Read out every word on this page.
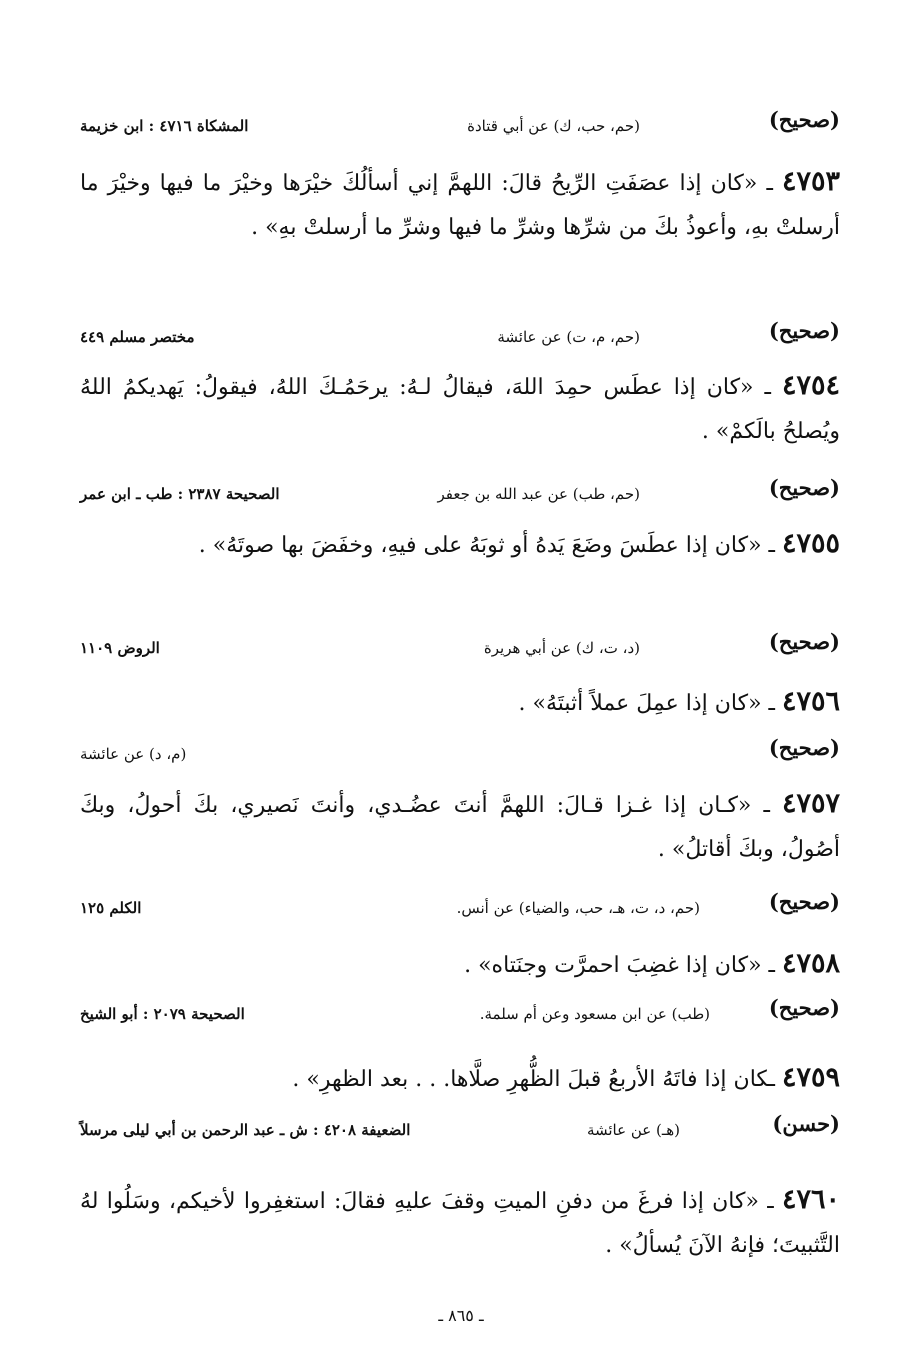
(صحيح)
(حم، حب، ك) عن أبي قتادة
المشكاة ٤٧١٦ : ابن خزيمة
٤٧٥٣ ـ «كان إذا عصَفَتِ الرِّيحُ قالَ: اللهمَّ إني أسألُكَ خيْرَها وخيْرَ ما فيها وخيْرَ ما أرسلتْ بهِ، وأعوذُ بكَ من شرِّها وشرِّ ما فيها وشرِّ ما أرسلتْ بهِ» .
(صحيح)
(حم، م، ت) عن عائشة
مختصر مسلم ٤٤٩
٤٧٥٤ ـ «كان إذا عطَس حمِدَ اللهَ، فيقالُ لـهُ: يرحَمُـكَ اللهُ، فيقولُ: يَهديكمُ اللهُ ويُصلحُ بالَكمْ» .
(صحيح)
(حم، طب) عن عبد الله بن جعفر
الصحيحة ٢٣٨٧ : طب ـ ابن عمر
٤٧٥٥ ـ «كان إذا عطَسَ وضَعَ يَدهُ أو ثوبَهُ على فيهِ، وخفَضَ بها صوتَهُ» .
(صحيح)
(د، ت، ك) عن أبي هريرة
الروض ١١٠٩
٤٧٥٦ ـ «كان إذا عمِلَ عملاً أثبتَهُ» .
(صحيح)
(م، د) عن عائشة
٤٧٥٧ ـ «كـان إذا غـزا قـالَ: اللهمَّ أنتَ عضُـدي، وأنتَ نَصيري، بكَ أحولُ، وبكَ أصُولُ، وبكَ أقاتلُ» .
(صحيح)
(حم، د، ت، هـ، حب، والضياء) عن أنس.
الكلم ١٢٥
٤٧٥٨ ـ «كان إذا غضِبَ احمرَّت وجنَتاه» .
(صحيح)
(طب) عن ابن مسعود وعن أم سلمة.
الصحيحة ٢٠٧٩ : أبو الشيخ
٤٧٥٩ ـكان إذا فاتَهُ الأربعُ قبلَ الظُّهرِ صلَّاها. . . بعد الظهرِ» .
(حسن)
(هـ) عن عائشة
الضعيفة ٤٢٠٨ : ش ـ عبد الرحمن بن أبي ليلى مرسلاً
٤٧٦٠ ـ «كان إذا فرغَ من دفنِ الميتِ وقفَ عليهِ فقالَ: استغفِروا لأخيكم، وسَلُوا لهُ التَّثبيتَ؛ فإنهُ الآنَ يُسألُ» .
ـ ٨٦٥ ـ
